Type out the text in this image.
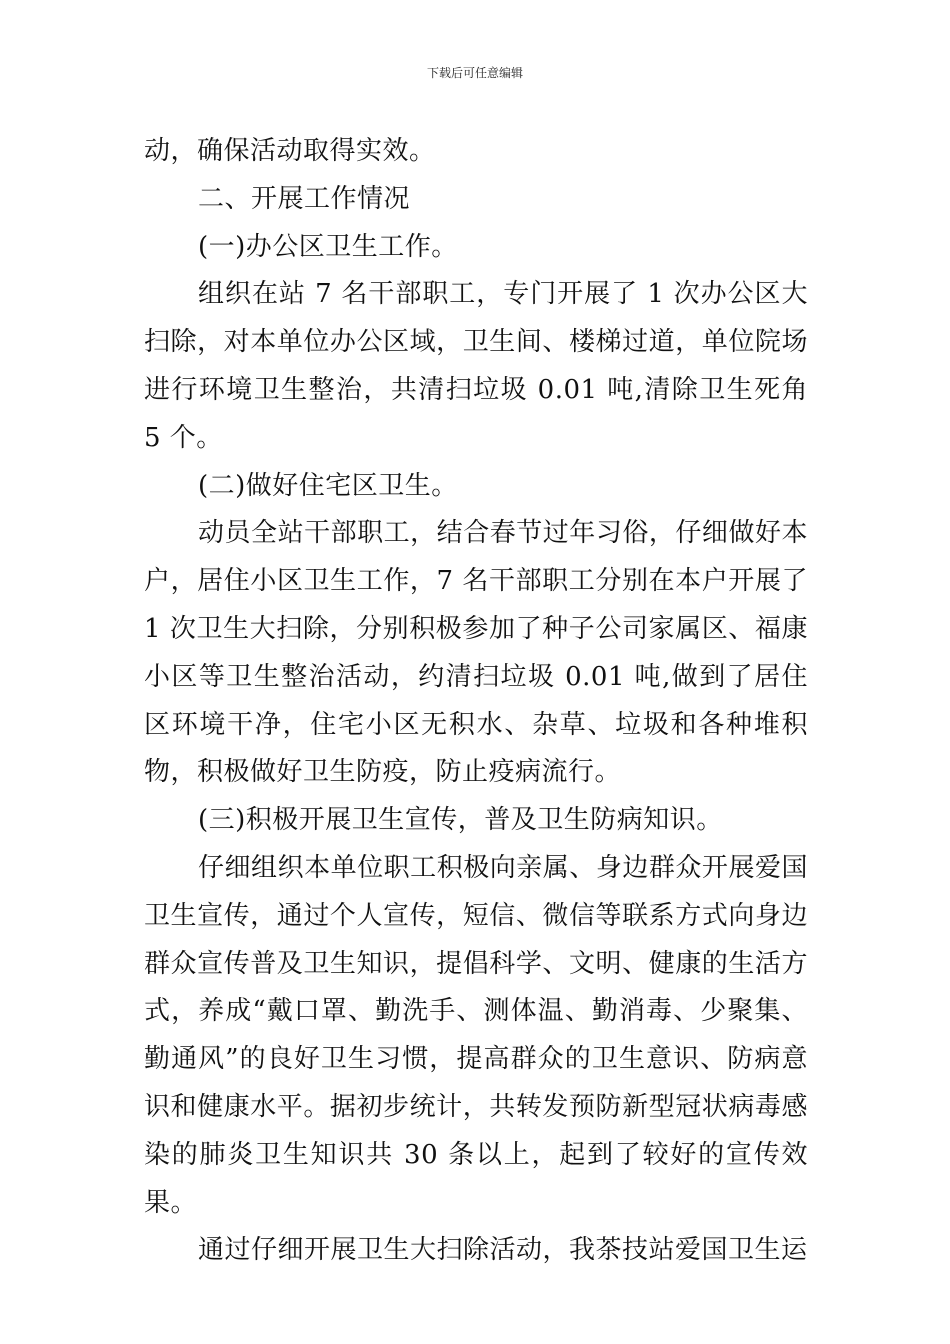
下载后可任意编辑

动，确保活动取得实效。

二、开展工作情况

(一)办公区卫生工作。

组织在站 7 名干部职工，专门开展了 1 次办公区大扫除，对本单位办公区域，卫生间、楼梯过道，单位院场进行环境卫生整治，共清扫垃圾 0.01 吨,清除卫生死角 5 个。

(二)做好住宅区卫生。

动员全站干部职工，结合春节过年习俗，仔细做好本户，居住小区卫生工作，7 名干部职工分别在本户开展了 1 次卫生大扫除，分别积极参加了种子公司家属区、福康小区等卫生整治活动，约清扫垃圾 0.01 吨,做到了居住区环境干净，住宅小区无积水、杂草、垃圾和各种堆积物，积极做好卫生防疫，防止疫病流行。

(三)积极开展卫生宣传，普及卫生防病知识。

仔细组织本单位职工积极向亲属、身边群众开展爱国卫生宣传，通过个人宣传，短信、微信等联系方式向身边群众宣传普及卫生知识，提倡科学、文明、健康的生活方式，养成“戴口罩、勤洗手、测体温、勤消毒、少聚集、勤通风”的良好卫生习惯，提高群众的卫生意识、防病意识和健康水平。据初步统计，共转发预防新型冠状病毒感染的肺炎卫生知识共 30 条以上，起到了较好的宣传效果。

通过仔细开展卫生大扫除活动，我茶技站爱国卫生运
